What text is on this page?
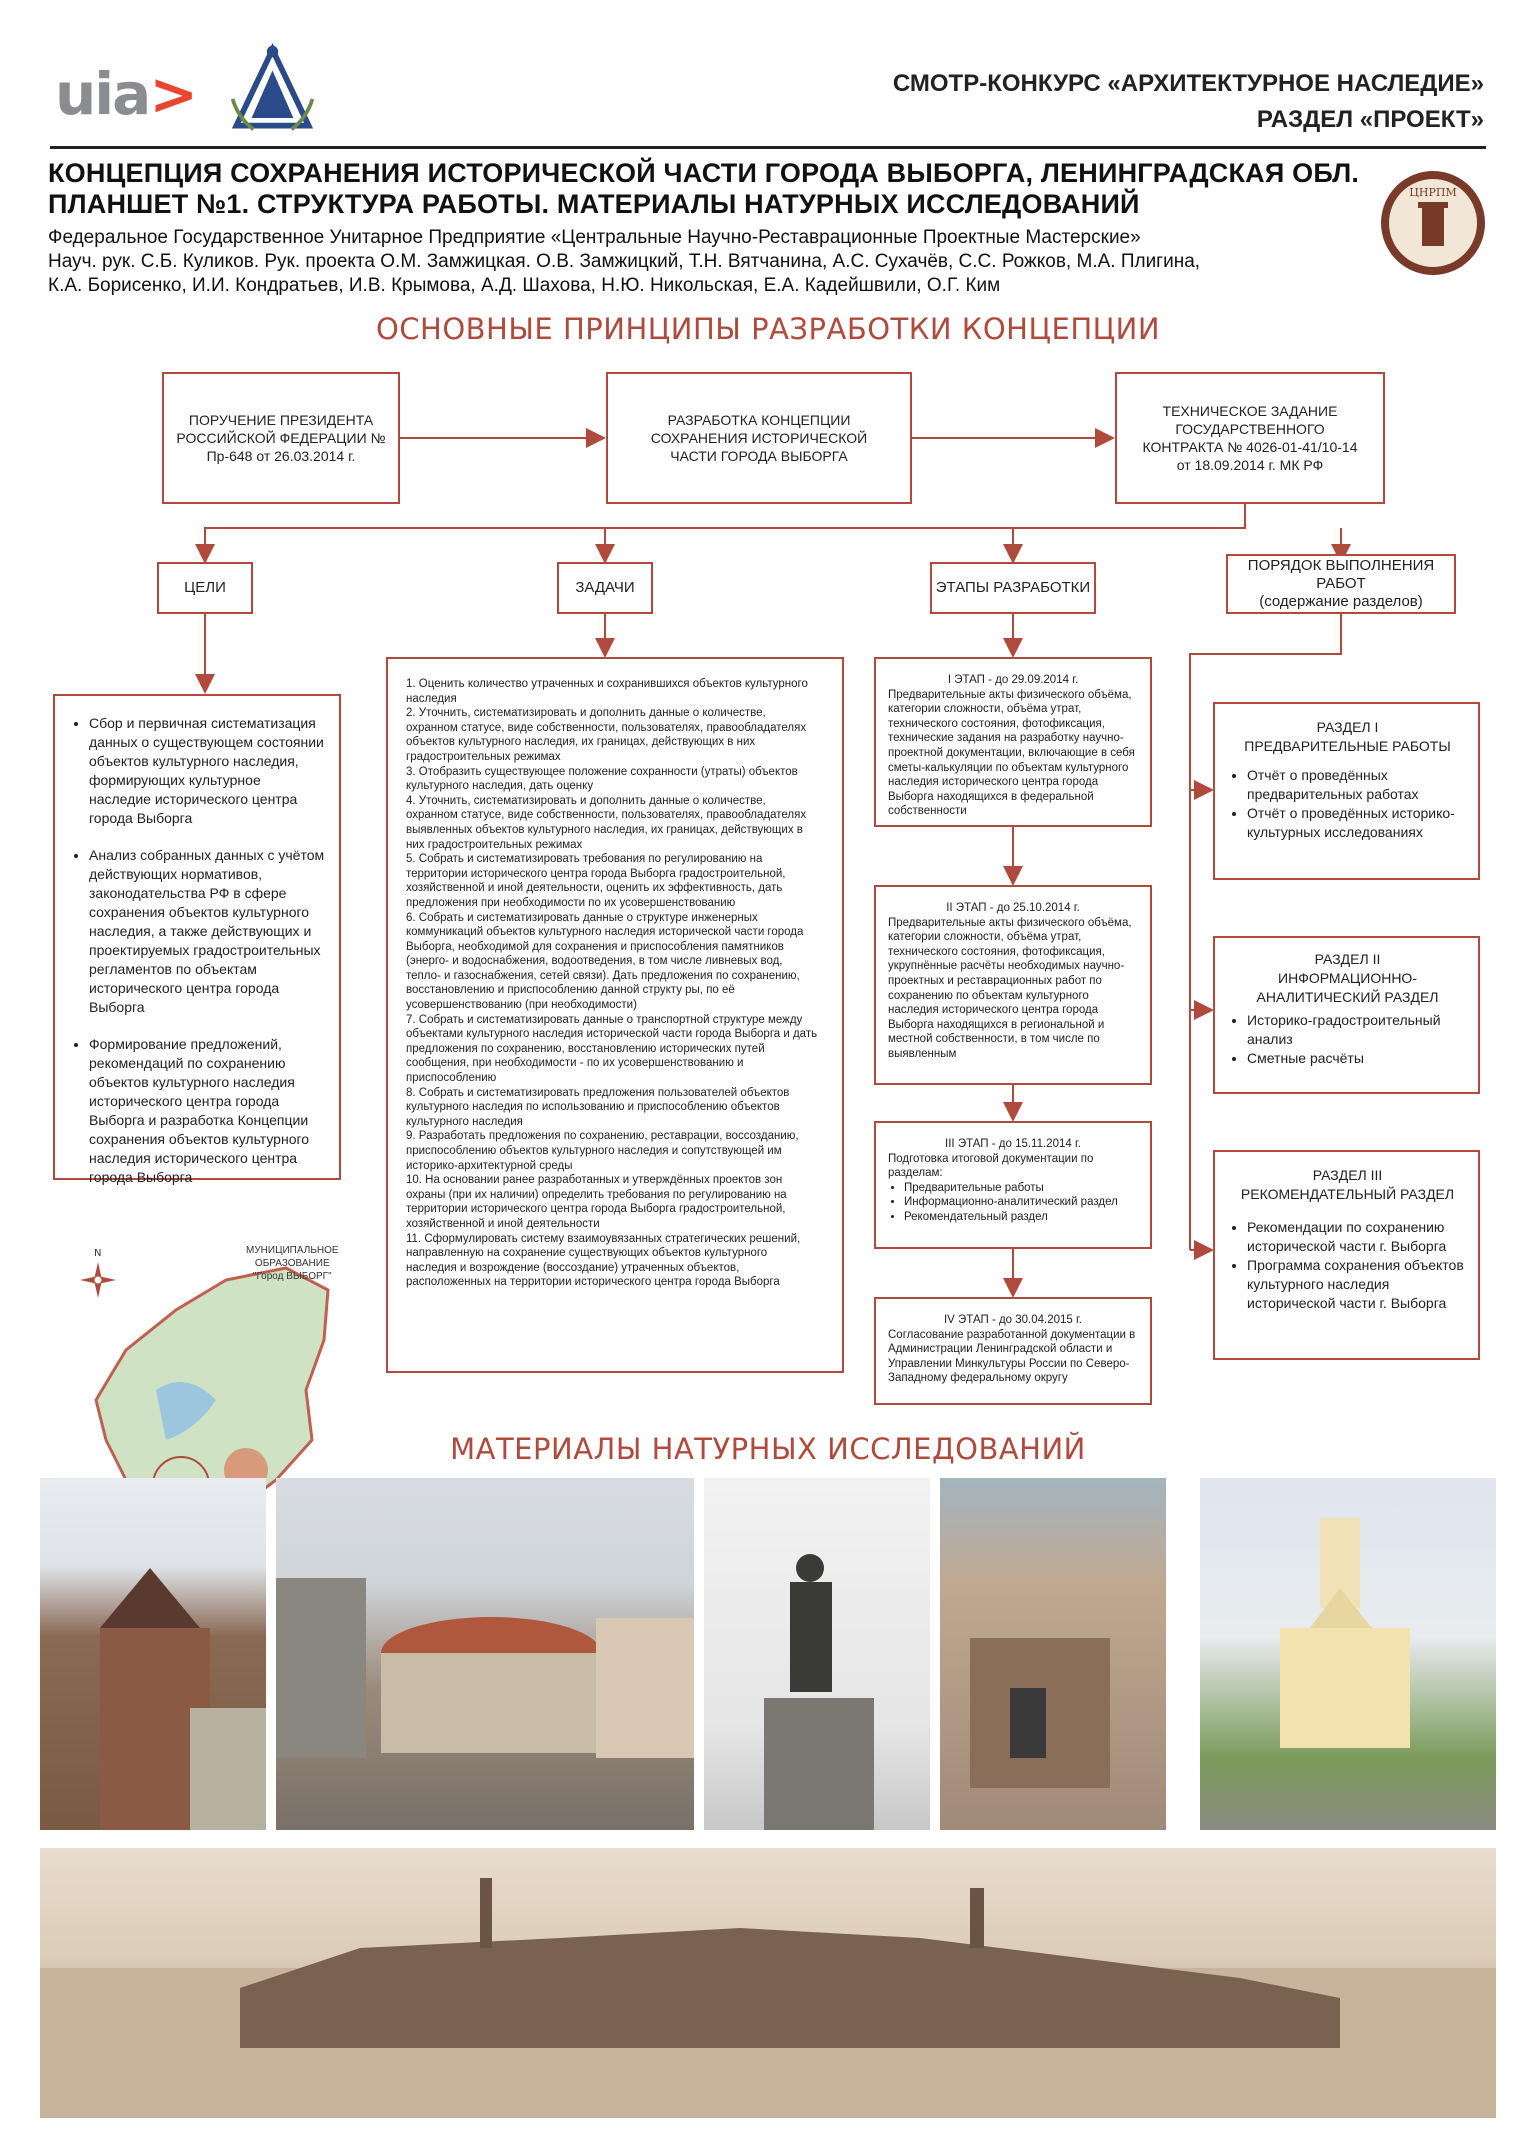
uia>	СМОТР-КОНКУРС «АРХИТЕКТУРНОЕ НАСЛЕДИЕ»
РАЗДЕЛ «ПРОЕКТ»
КОНЦЕПЦИЯ СОХРАНЕНИЯ ИСТОРИЧЕСКОЙ ЧАСТИ ГОРОДА ВЫБОРГА, ЛЕНИНГРАДСКАЯ ОБЛ.
ПЛАНШЕТ №1. СТРУКТУРА РАБОТЫ. МАТЕРИАЛЫ НАТУРНЫХ ИССЛЕДОВАНИЙ
Федеральное Государственное Унитарное Предприятие «Центральные Научно-Реставрационные Проектные Мастерские»
Науч. рук. С.Б. Куликов. Рук. проекта О.М. Замжицкая. О.В. Замжицкий, Т.Н. Вятчанина, А.С. Сухачёв, С.С. Рожков, М.А. Плигина,
К.А. Борисенко, И.И. Кондратьев, И.В. Крымова, А.Д. Шахова, Н.Ю. Никольская, Е.А. Кадейшвили, О.Г. Ким
ЦНРПМ
ОСНОВНЫЕ ПРИНЦИПЫ РАЗРАБОТКИ КОНЦЕПЦИИ
ПОРУЧЕНИЕ ПРЕЗИДЕНТА РОССИЙСКОЙ ФЕДЕРАЦИИ № Пр-648 от 26.03.2014 г.
РАЗРАБОТКА КОНЦЕПЦИИ СОХРАНЕНИЯ ИСТОРИЧЕСКОЙ ЧАСТИ ГОРОДА ВЫБОРГА
ТЕХНИЧЕСКОЕ ЗАДАНИЕ ГОСУДАРСТВЕННОГО КОНТРАКТА № 4026-01-41/10-14 от 18.09.2014 г. МК РФ
ЦЕЛИ	ЗАДАЧИ	ЭТАПЫ РАЗРАБОТКИ
ПОРЯДОК ВЫПОЛНЕНИЯ РАБОТ
(содержание разделов)
• Сбор и первичная систематизация данных о существующем состоянии объектов культурного наследия, формирующих культурное наследие исторического центра города Выборга
• Анализ собранных данных с учётом действующих нормативов, законодательства РФ в сфере сохранения объектов культурного наследия, а также действующих и проектируемых градостроительных регламентов по объектам исторического центра города Выборга
• Формирование предложений, рекомендаций по сохранению объектов культурного наследия исторического центра города Выборга и разработка Концепции сохранения объектов культурного наследия исторического центра города Выборга
1. Оценить количество утраченных и сохранившихся объектов культурного наследия
2. Уточнить, систематизировать и дополнить данные о количестве, охранном статусе, виде собственности, пользователях, правообладателях объектов культурного наследия, их границах, действующих в них градостроительных режимах
3. Отобразить существующее положение сохранности (утраты) объектов культурного наследия, дать оценку
4. Уточнить, систематизировать и дополнить данные о количестве, охранном статусе, виде собственности, пользователях, правообладателях выявленных объектов культурного наследия, их границах, действующих в них градостроительных режимах
5. Собрать и систематизировать требования по регулированию на территории исторического центра города Выборга градостроительной, хозяйственной и иной деятельности, оценить их эффективность, дать предложения при необходимости по их усовершенствованию
6. Собрать и систематизировать данные о структуре инженерных коммуникаций объектов культурного наследия исторической части города Выборга, необходимой для сохранения и приспособления памятников (энерго- и водоснабжения, водоотведения, в том числе ливневых вод, тепло- и газоснабжения, сетей связи). Дать предложения по сохранению, восстановлению и приспособлению данной структу ры, по её усовершенствованию (при необходимости)
7. Собрать и систематизировать данные о транспортной структуре между объектами культурного наследия исторической части города Выборга и дать предложения по сохранению, восстановлению исторических путей сообщения, при необходимости - по их усовершенствованию и приспособлению
8. Собрать и систематизировать предложения пользователей объектов культурного наследия по использованию и приспособлению объектов культурного наследия
9. Разработать предложения по сохранению, реставрации, воссозданию, приспособлению объектов культурного наследия и сопутствующей им историко-архитектурной среды
10. На основании ранее разработанных и утверждённых проектов зон охраны (при их наличии) определить требования по регулированию на территории исторического центра города Выборга градостроительной, хозяйственной и иной деятельности
11. Сформулировать систему взаимоувязанных стратегических решений, направленную на сохранение существующих объектов культурного наследия и возрождение (воссоздание) утраченных объектов, расположенных на территории исторического центра города Выборга
I ЭТАП - до 29.09.2014 г.
Предварительные акты физического объёма, категории сложности, объёма утрат, технического состояния, фотофиксация, технические задания на разработку научно-проектной документации, включающие в себя сметы-калькуляции по объектам культурного наследия исторического центра города Выборга находящихся в федеральной собственности
II ЭТАП - до 25.10.2014 г.
Предварительные акты физического объёма, категории сложности, объёма утрат, технического состояния, фотофиксация, укрупнённые расчёты необходимых научно-проектных и реставрационных работ по сохранению по объектам культурного наследия исторического центра города Выборга находящихся в региональной и местной собственности, в том числе по выявленным
III ЭТАП - до 15.11.2014 г.
Подготовка итоговой документации по разделам:
• Предварительные работы
• Информационно-аналитический раздел
• Рекомендательный раздел
IV ЭТАП - до 30.04.2015 г.
Согласование разработанной документации в Администрации Ленинградской области и Управлении Минкультуры России по Северо-Западному федеральному округу
РАЗДЕЛ I
ПРЕДВАРИТЕЛЬНЫЕ РАБОТЫ
• Отчёт о проведённых предварительных работах
• Отчёт о проведённых историко-культурных исследованиях
РАЗДЕЛ II
ИНФОРМАЦИОННО-АНАЛИТИЧЕСКИЙ РАЗДЕЛ
• Историко-градостроительный анализ
• Сметные расчёты
РАЗДЕЛ III
РЕКОМЕНДАТЕЛЬНЫЙ РАЗДЕЛ
• Рекомендации по сохранению исторической части г. Выборга
• Программа сохранения объектов культурного наследия исторической части г. Выборга
N	МУНИЦИПАЛЬНОЕ
ОБРАЗОВАНИЕ
"Город ВЫБОРГ"
МАТЕРИАЛЫ НАТУРНЫХ ИССЛЕДОВАНИЙ
